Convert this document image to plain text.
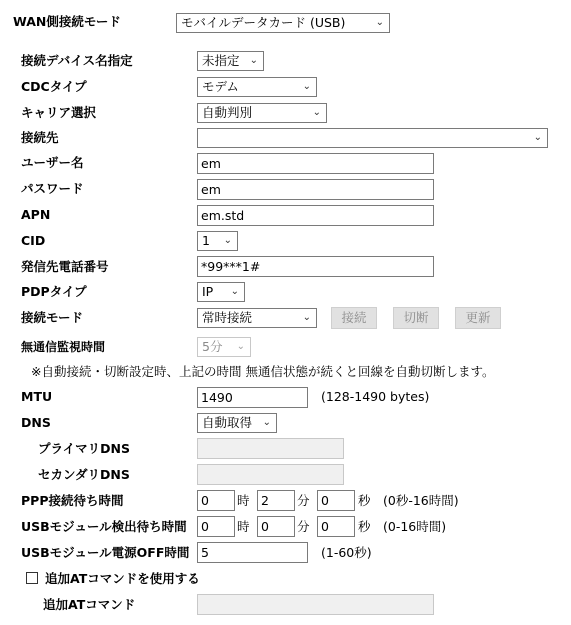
WAN側接続モード	モバイルデータカード (USB)	⌄
接続デバイス名指定	未指定 ⌄
CDCタイプ	モデム	⌄
キャリア選択	自動判別	⌄
接続先	⌄
ユーザー名	em
パスワード	em
APN	em.std
CID	1 ⌄
発信先電話番号	*99***1#
PDPタイプ	IP ⌄
接続モード	常時接続	⌄	接続	切断	更新
無通信監視時間	5分 ⌄
※自動接続・切断設定時、上記の時間 無通信状態が続くと回線を自動切断します。
MTU	1490	(128-1490 bytes)
DNS	自動取得 ⌄
プライマリDNS
セカンダリDNS
PPP接続待ち時間	0	時 2	分 0	秒 (0秒-16時間)
USBモジュール検出待ち時間	0	時 0	分 0	秒 (0-16時間)
USBモジュール電源OFF時間 5	(1-60秒)
追加ATコマンドを使用する
追加ATコマンド
